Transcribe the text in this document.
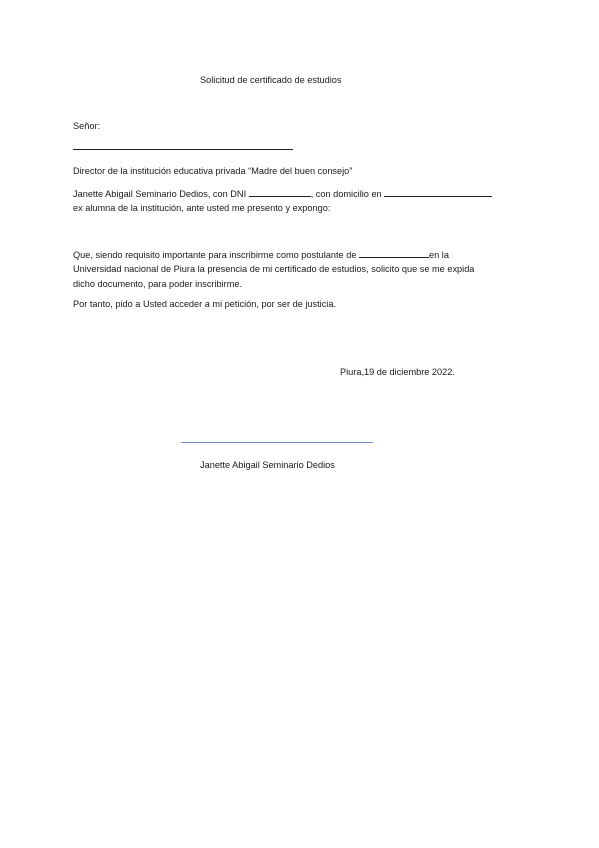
Solicitud de certificado de estudios
Señor:
Director de la institución educativa privada “Madre del buen consejo”
Janette Abigail Seminario Dedios, con DNI	, con domicilio en
ex alumna de la institución, ante usted me presento y expongo:
Que, siendo requisito importante para inscribirme como postulante de	en la
Universidad nacional de Piura la presencia de mi certificado de estudios, solicito que se me expida
dicho documento, para poder inscribirme.
Por tanto, pido a Usted acceder a mi petición, por ser de justicia.
Piura,19 de diciembre 2022.
Janette Abigail Seminario Dedios
